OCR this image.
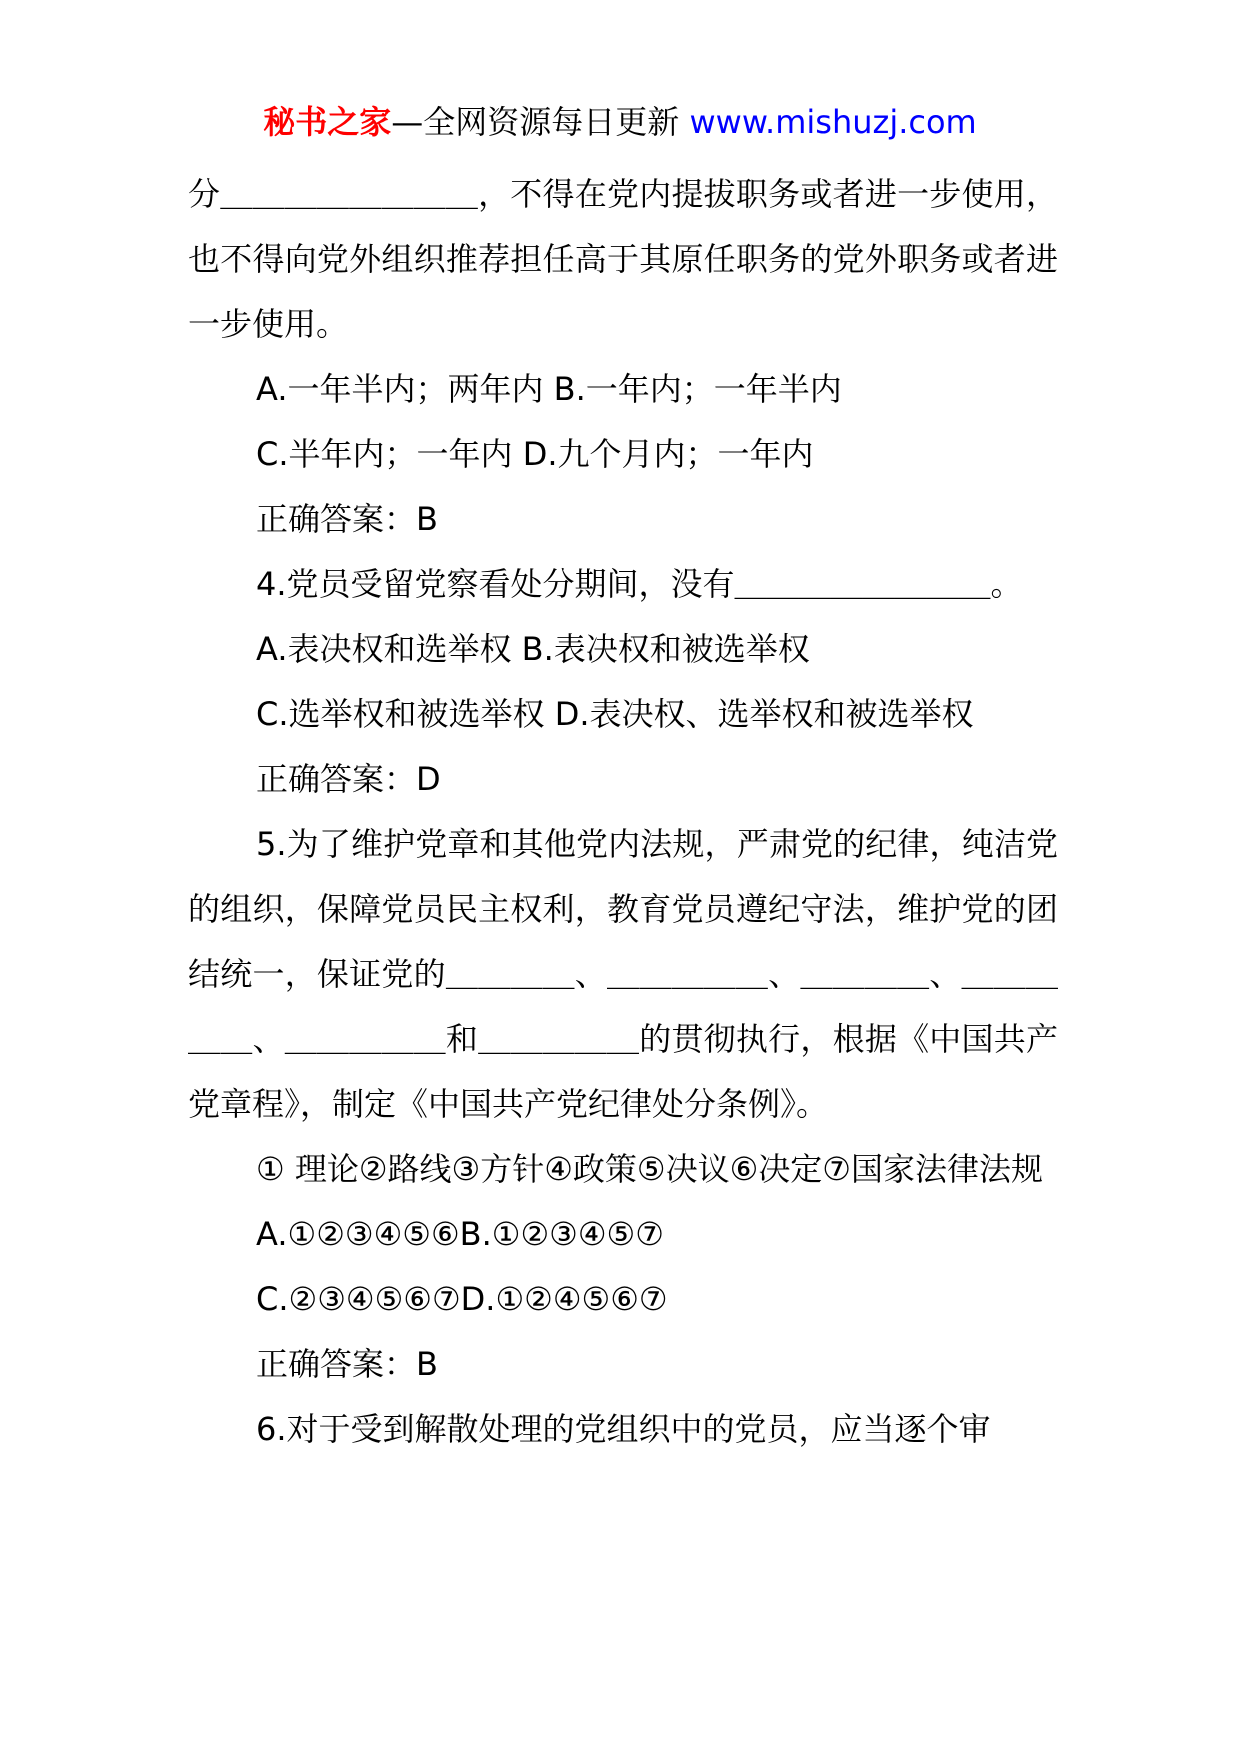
秘书之家—全网资源每日更新 www.mishuzj.com

分＿＿＿＿＿＿＿＿，不得在党内提拔职务或者进一步使用，也不得向党外组织推荐担任高于其原任职务的党外职务或者进一步使用。

A.一年半内；两年内 B.一年内；一年半内

C.半年内；一年内 D.九个月内；一年内

正确答案：B

4.党员受留党察看处分期间，没有＿＿＿＿＿＿＿＿。

A.表决权和选举权 B.表决权和被选举权

C.选举权和被选举权 D.表决权、选举权和被选举权

正确答案：D

5.为了维护党章和其他党内法规，严肃党的纪律，纯洁党的组织，保障党员民主权利，教育党员遵纪守法，维护党的团结统一，保证党的＿＿＿＿、＿＿＿＿＿、＿＿＿＿、＿＿＿＿＿、＿＿＿＿＿和＿＿＿＿＿的贯彻执行，根据《中国共产党章程》，制定《中国共产党纪律处分条例》。

① 理论②路线③方针④政策⑤决议⑥决定⑦国家法律法规

A.①②③④⑤⑥B.①②③④⑤⑦

C.②③④⑤⑥⑦D.①②④⑤⑥⑦

正确答案：B

6.对于受到解散处理的党组织中的党员，应当逐个审
